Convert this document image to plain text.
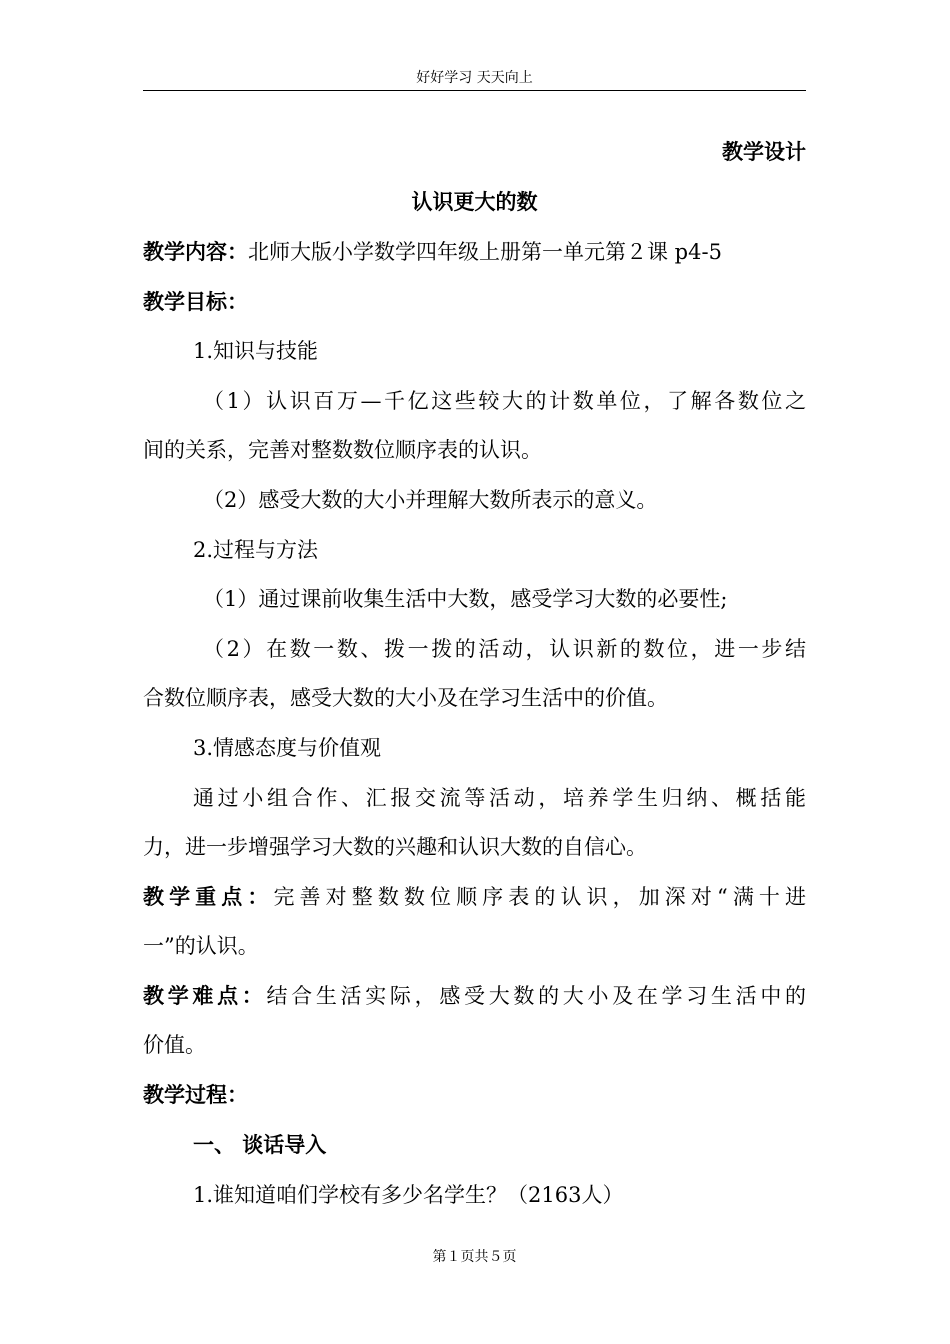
好好学习 天天向上
教学设计
认识更大的数
教学内容：北师大版小学数学四年级上册第一单元第２课 p4-5
教学目标：
1.知识与技能
（1）认识百万—千亿这些较大的计数单位，了解各数位之
间的关系，完善对整数数位顺序表的认识。
（2）感受大数的大小并理解大数所表示的意义。
2.过程与方法
（1）通过课前收集生活中大数，感受学习大数的必要性;
（2）在数一数、拨一拨的活动，认识新的数位，进一步结
合数位顺序表，感受大数的大小及在学习生活中的价值。
3.情感态度与价值观
通过小组合作、汇报交流等活动，培养学生归纳、概括能
力，进一步增强学习大数的兴趣和认识大数的自信心。
教学重点：完善对整数数位顺序表的认识，加深对“满十进
一”的认识。
教学难点：结合生活实际，感受大数的大小及在学习生活中的
价值。
教学过程：
一、 谈话导入
1.谁知道咱们学校有多少名学生？（2163人）
第１页共５页
